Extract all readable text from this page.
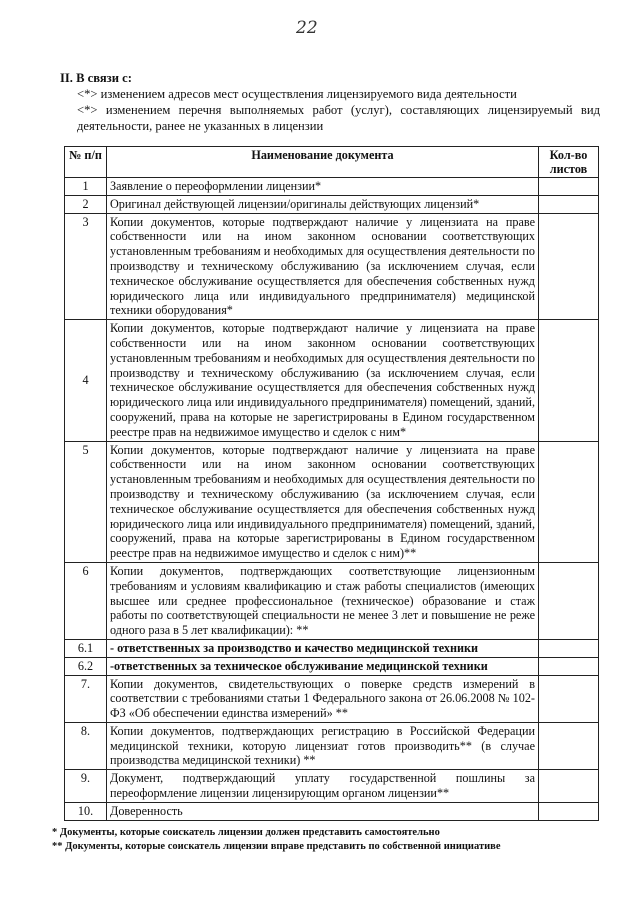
22
II. В связи с:
<*> изменением адресов мест осуществления лицензируемого вида деятельности
<*> изменением перечня выполняемых работ (услуг), составляющих лицензируемый вид деятельности, ранее не указанных в лицензии
№ п/п	Наименование документа	Кол-во листов
1	Заявление о переоформлении лицензии*	
2	Оригинал действующей лицензии/оригиналы действующих лицензий*	
3	Копии документов, которые подтверждают наличие у лицензиата на праве собственности или на ином законном основании соответствующих установленным требованиям и необходимых для осуществления деятельности по производству и техническому обслуживанию (за исключением случая, если техническое обслуживание осуществляется для обеспечения собственных нужд юридического лица или индивидуального предпринимателя) медицинской техники оборудования*	
4	Копии документов, которые подтверждают наличие у лицензиата на праве собственности или на ином законном основании соответствующих установленным требованиям и необходимых для осуществления деятельности по производству и техническому обслуживанию (за исключением случая, если техническое обслуживание осуществляется для обеспечения собственных нужд юридического лица или индивидуального предпринимателя) помещений, зданий, сооружений, права на которые не зарегистрированы в Едином государственном реестре прав на недвижимое имущество и сделок с ним*	
5	Копии документов, которые подтверждают наличие у лицензиата на праве собственности или на ином законном основании соответствующих установленным требованиям и необходимых для осуществления деятельности по производству и техническому обслуживанию (за исключением случая, если техническое обслуживание осуществляется для обеспечения собственных нужд юридического лица или индивидуального предпринимателя) помещений, зданий, сооружений, права на которые зарегистрированы в Едином государственном реестре прав на недвижимое имущество и сделок с ним)**	
6	Копии документов, подтверждающих соответствующие лицензионным требованиям и условиям квалификацию и стаж работы специалистов (имеющих высшее или среднее профессиональное (техническое) образование и стаж работы по соответствующей специальности не менее 3 лет и повышение не реже одного раза в 5 лет квалификации): **	
6.1	- ответственных за производство и качество медицинской техники	
6.2	-ответственных за техническое обслуживание медицинской техники	
7.	Копии документов, свидетельствующих о поверке средств измерений в соответствии с требованиями статьи 1 Федерального закона от 26.06.2008 № 102-ФЗ «Об обеспечении единства измерений» **	
8.	Копии документов, подтверждающих регистрацию в Российской Федерации медицинской техники, которую лицензиат готов производить** (в случае производства медицинской техники) **	
9.	Документ, подтверждающий уплату государственной пошлины за переоформление лицензии лицензирующим органом лицензии**	
10.	Доверенность	
* Документы, которые соискатель лицензии должен представить самостоятельно
** Документы, которые соискатель лицензии вправе представить по собственной инициативе
